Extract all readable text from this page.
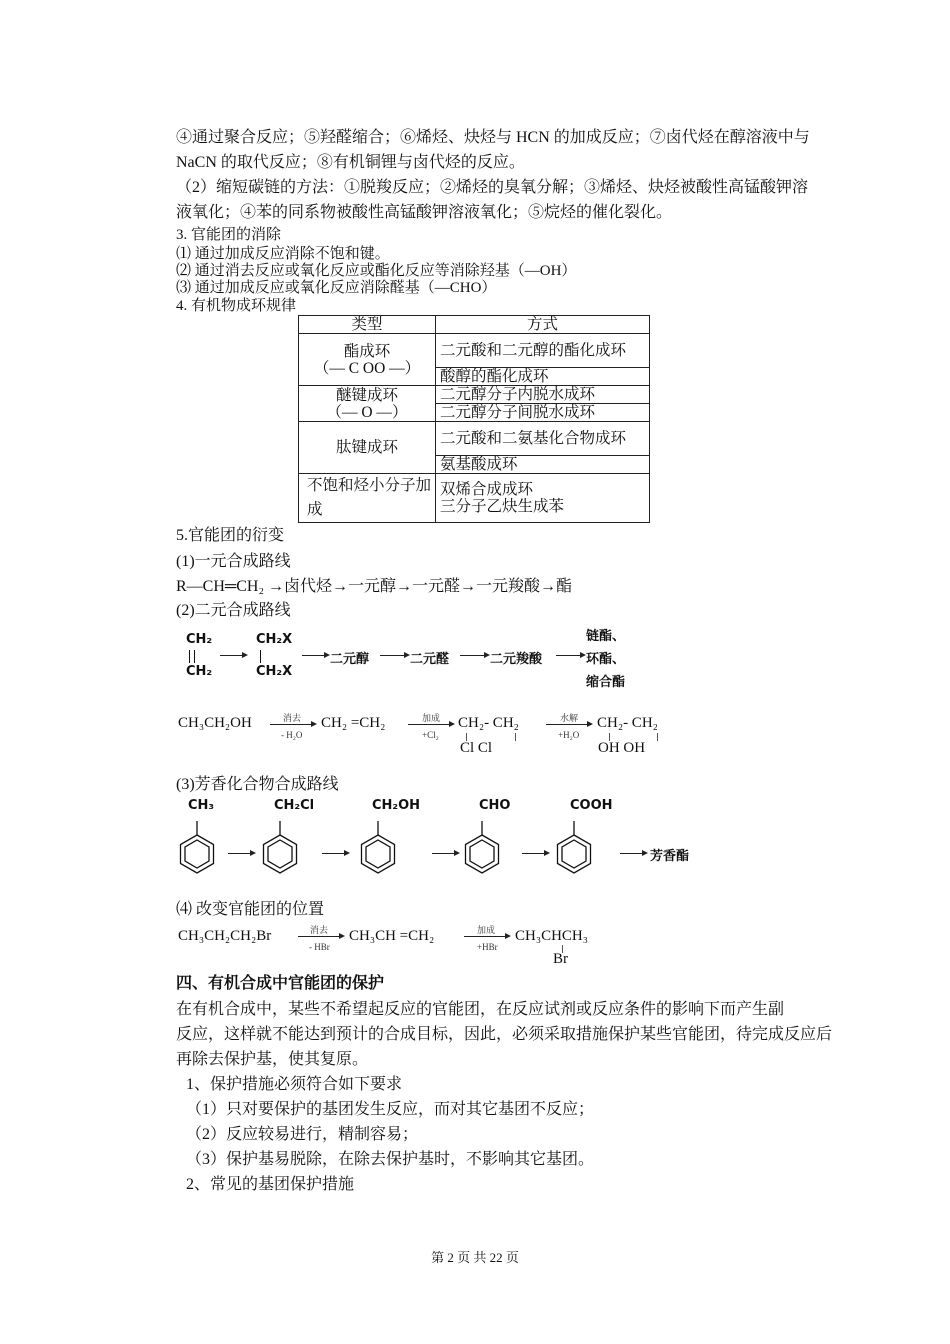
④通过聚合反应；⑤羟醛缩合；⑥烯烃、炔烃与 HCN 的加成反应；⑦卤代烃在醇溶液中与
NaCN 的取代反应；⑧有机铜锂与卤代烃的反应。
（2）缩短碳链的方法：①脱羧反应；②烯烃的臭氧分解；③烯烃、炔烃被酸性高锰酸钾溶
液氧化；④苯的同系物被酸性高锰酸钾溶液氧化；⑤烷烃的催化裂化。
3. 官能团的消除
⑴ 通过加成反应消除不饱和键。
⑵ 通过消去反应或氧化反应或酯化反应等消除羟基（—OH）
⑶ 通过加成反应或氧化反应消除醛基（—CHO）
4. 有机物成环规律
类型	方式

酯成环
（— C OO —）	二元酸和二元醇的酯化成环
	酸醇的酯化成环

醚键成环
（— O —）	二元醇分子内脱水成环
	二元醇分子间脱水成环
肽键成环	二元酸和二氨基化合物成环
	氨基酸成环
不饱和烃小分子加成	双烯合成成环
三分子乙炔生成苯
5.官能团的衍变
(1)一元合成路线
R—CH═CH₂ →卤代烃→一元醇→一元醛→一元羧酸→酯
(2)二元合成路线
CH₂
CH₂
CH₂X
CH₂X
二元醇	二元醛	二元羧酸
链酯、
环酯、
缩合酯
CH₃CH₂OH	消去
- H₂O
CH₂ =CH₂	加成
+Cl₂
CH₂- CH₂
Cl Cl
水解
+H₂O
CH₂- CH₂
OH OH
(3)芳香化合物合成路线
CH₃	CH₂Cl	CH₂OH	CHO	COOH
芳香酯
⑷ 改变官能团的位置
CH₃CH₂CH₂Br	消去
- HBr
CH₃CH =CH₂	加成
+HBr
CH₃CHCH₃
Br
四、有机合成中官能团的保护
在有机合成中，某些不希望起反应的官能团，在反应试剂或反应条件的影响下而产生副
反应，这样就不能达到预计的合成目标，因此，必须采取措施保护某些官能团，待完成反应后
再除去保护基，使其复原。
1、保护措施必须符合如下要求
（1）只对要保护的基团发生反应，而对其它基团不反应；
（2）反应较易进行，精制容易；
（3）保护基易脱除，在除去保护基时，不影响其它基团。
2、常见的基团保护措施
第 2 页 共 22 页
